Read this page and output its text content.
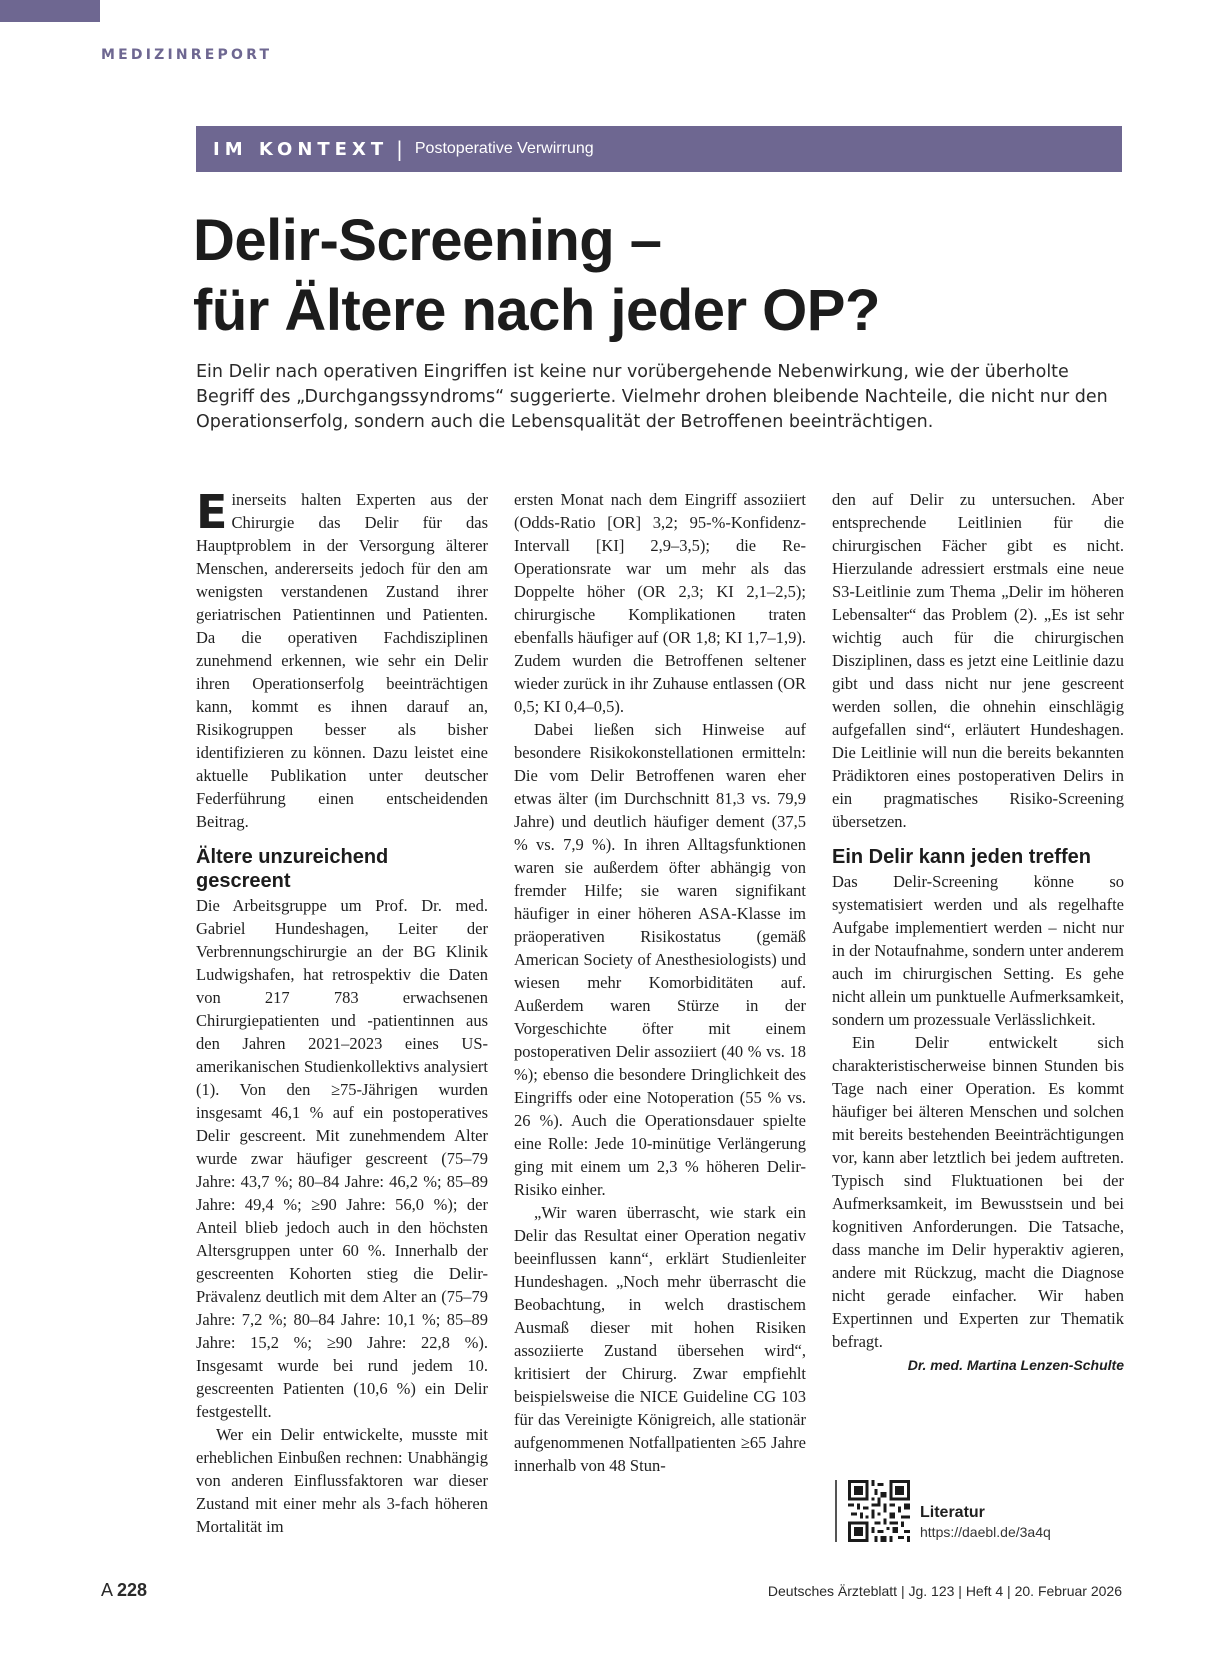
MEDIZINREPORT
IM KONTEXT | Postoperative Verwirrung
Delir-Screening –
für Ältere nach jeder OP?

Ein Delir nach operativen Eingriffen ist keine nur vorübergehende Nebenwirkung, wie der überholte Begriff des „Durchgangssyndroms“ suggerierte. Vielmehr drohen bleibende Nachteile, die nicht nur den Operationserfolg, sondern auch die Lebensqualität der Betroffenen beeinträchtigen.

Einerseits halten Experten aus der Chirurgie das Delir für das Hauptproblem in der Versorgung älterer Menschen, andererseits jedoch für den am wenigsten verstandenen Zustand ihrer geriatrischen Patientinnen und Patienten. Da die operativen Fachdisziplinen zunehmend erkennen, wie sehr ein Delir ihren Operationserfolg beeinträchtigen kann, kommt es ihnen darauf an, Risikogruppen besser als bisher identifizieren zu können. Dazu leistet eine aktuelle Publikation unter deutscher Federführung einen entscheidenden Beitrag.

Ältere unzureichend gescreent

Die Arbeitsgruppe um Prof. Dr. med. Gabriel Hundeshagen, Leiter der Verbrennungschirurgie an der BG Klinik Ludwigshafen, hat retrospektiv die Daten von 217 783 erwachsenen Chirurgiepatienten und -patientinnen aus den Jahren 2021–2023 eines US-amerikanischen Studienkollektivs analysiert (1). Von den ≥75-Jährigen wurden insgesamt 46,1 % auf ein postoperatives Delir gescreent. Mit zunehmendem Alter wurde zwar häufiger gescreent (75–79 Jahre: 43,7 %; 80–84 Jahre: 46,2 %; 85–89 Jahre: 49,4 %; ≥90 Jahre: 56,0 %); der Anteil blieb jedoch auch in den höchsten Altersgruppen unter 60 %. Innerhalb der gescreenten Kohorten stieg die Delir-Prävalenz deutlich mit dem Alter an (75–79 Jahre: 7,2 %; 80–84 Jahre: 10,1 %; 85–89 Jahre: 15,2 %; ≥90 Jahre: 22,8 %). Insgesamt wurde bei rund jedem 10. gescreenten Patienten (10,6 %) ein Delir festgestellt.

Wer ein Delir entwickelte, musste mit erheblichen Einbußen rechnen: Unabhängig von anderen Einflussfaktoren war dieser Zustand mit einer mehr als 3-fach höheren Mortalität im

ersten Monat nach dem Eingriff assoziiert (Odds-Ratio [OR] 3,2; 95-%-Konfidenz-Intervall [KI] 2,9–3,5); die Re-Operationsrate war um mehr als das Doppelte höher (OR 2,3; KI 2,1–2,5); chirurgische Komplikationen traten ebenfalls häufiger auf (OR 1,8; KI 1,7–1,9). Zudem wurden die Betroffenen seltener wieder zurück in ihr Zuhause entlassen (OR 0,5; KI 0,4–0,5).

Dabei ließen sich Hinweise auf besondere Risikokonstellationen ermitteln: Die vom Delir Betroffenen waren eher etwas älter (im Durchschnitt 81,3 vs. 79,9 Jahre) und deutlich häufiger dement (37,5 % vs. 7,9 %). In ihren Alltagsfunktionen waren sie außerdem öfter abhängig von fremder Hilfe; sie waren signifikant häufiger in einer höheren ASA-Klasse im präoperativen Risikostatus (gemäß American Society of Anesthesiologists) und wiesen mehr Komorbiditäten auf. Außerdem waren Stürze in der Vorgeschichte öfter mit einem postoperativen Delir assoziiert (40 % vs. 18 %); ebenso die besondere Dringlichkeit des Eingriffs oder eine Notoperation (55 % vs. 26 %). Auch die Operationsdauer spielte eine Rolle: Jede 10-minütige Verlängerung ging mit einem um 2,3 % höheren Delir-Risiko einher.

„Wir waren überrascht, wie stark ein Delir das Resultat einer Operation negativ beeinflussen kann“, erklärt Studienleiter Hundeshagen. „Noch mehr überrascht die Beobachtung, in welch drastischem Ausmaß dieser mit hohen Risiken assoziierte Zustand übersehen wird“, kritisiert der Chirurg. Zwar empfiehlt beispielsweise die NICE Guideline CG 103 für das Vereinigte Königreich, alle stationär aufgenommenen Notfallpatienten ≥65 Jahre innerhalb von 48 Stun-

den auf Delir zu untersuchen. Aber entsprechende Leitlinien für die chirurgischen Fächer gibt es nicht. Hierzulande adressiert erstmals eine neue S3-Leitlinie zum Thema „Delir im höheren Lebensalter“ das Problem (2). „Es ist sehr wichtig auch für die chirurgischen Disziplinen, dass es jetzt eine Leitlinie dazu gibt und dass nicht nur jene gescreent werden sollen, die ohnehin einschlägig aufgefallen sind“, erläutert Hundeshagen. Die Leitlinie will nun die bereits bekannten Prädiktoren eines postoperativen Delirs in ein pragmatisches Risiko-Screening übersetzen.

Ein Delir kann jeden treffen

Das Delir-Screening könne so systematisiert werden und als regelhafte Aufgabe implementiert werden – nicht nur in der Notaufnahme, sondern unter anderem auch im chirurgischen Setting. Es gehe nicht allein um punktuelle Aufmerksamkeit, sondern um prozessuale Verlässlichkeit.

Ein Delir entwickelt sich charakteristischerweise binnen Stunden bis Tage nach einer Operation. Es kommt häufiger bei älteren Menschen und solchen mit bereits bestehenden Beeinträchtigungen vor, kann aber letztlich bei jedem auftreten. Typisch sind Fluktuationen bei der Aufmerksamkeit, im Bewusstsein und bei kognitiven Anforderungen. Die Tatsache, dass manche im Delir hyperaktiv agieren, andere mit Rückzug, macht die Diagnose nicht gerade einfacher. Wir haben Expertinnen und Experten zur Thematik befragt.

Dr. med. Martina Lenzen-Schulte
Literatur
https://daebl.de/3a4q
A 228	Deutsches Ärzteblatt | Jg. 123 | Heft 4 | 20. Februar 2026
